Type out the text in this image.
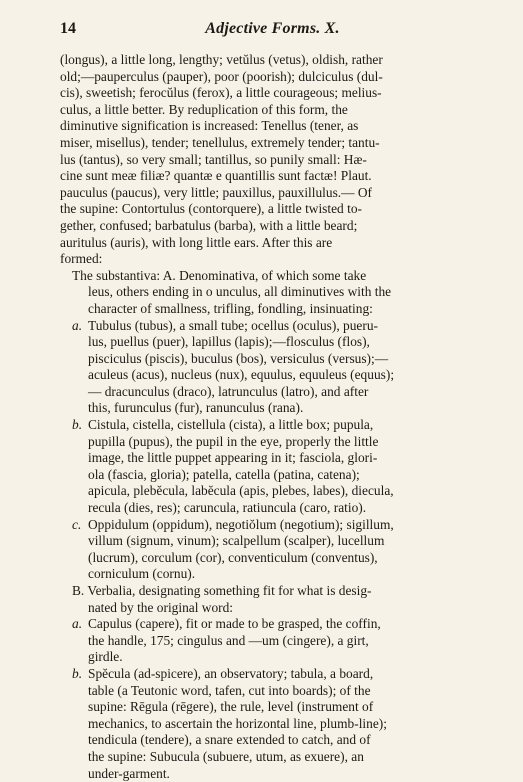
14	Adjective Forms. X.
(longus), a little long, lengthy; vetŭlus (vetus), oldish, rather
old;—pauperculus (pauper), poor (poorish); dulciculus (dul-
cis), sweetish; ferocŭlus (ferox), a little courageous; melius-
culus, a little better. By reduplication of this form, the
diminutive signification is increased: Tenellus (tener, as
miser, misellus), tender; tenellulus, extremely tender; tantu-
lus (tantus), so very small; tantillus, so punily small: Hæ-
cine sunt meæ filiæ? quantæ e quantillis sunt factæ! Plaut.
pauculus (paucus), very little; pauxillus, pauxillulus.— Of
the supine: Contortulus (contorquere), a little twisted to-
gether, confused; barbatulus (barba), with a little beard;
auritulus (auris), with long little ears. After this are
formed:
The substantiva: A. Denominativa, of which some take
leus, others ending in o unculus, all diminutives with the
character of smallness, trifling, fondling, insinuating:
a. Tubulus (tubus), a small tube; ocellus (oculus), pueru-
lus, puellus (puer), lapillus (lapis);—flosculus (flos),
pisciculus (piscis), buculus (bos), versiculus (versus);—
aculeus (acus), nucleus (nux), equulus, equuleus (equus);
— dracunculus (draco), latrunculus (latro), and after
this, furunculus (fur), ranunculus (rana).
b. Cistula, cistella, cistellula (cista), a little box; pupula,
pupilla (pupus), the pupil in the eye, properly the little
image, the little puppet appearing in it; fasciola, glori-
ola (fascia, gloria); patella, catella (patina, catena);
apicula, plebĕcula, labĕcula (apis, plebes, labes), diecula,
recula (dies, res); caruncula, ratiuncula (caro, ratio).
c. Oppidulum (oppidum), negotiŏlum (negotium); sigillum,
villum (signum, vinum); scalpellum (scalper), lucellum
(lucrum), corculum (cor), conventiculum (conventus),
corniculum (cornu).
B. Verbalia, designating something fit for what is desig-
nated by the original word:
a. Capulus (capere), fit or made to be grasped, the coffin,
the handle, 175; cingulus and —um (cingere), a girt,
girdle.
b. Spĕcula (ad-spicere), an observatory; tabula, a board,
table (a Teutonic word, tafen, cut into boards); of the
supine: Rēgula (rēgere), the rule, level (instrument of
mechanics, to ascertain the horizontal line, plumb-line);
tendicula (tendere), a snare extended to catch, and of
the supine: Subucula (subuere, utum, as exuere), an
under-garment.
